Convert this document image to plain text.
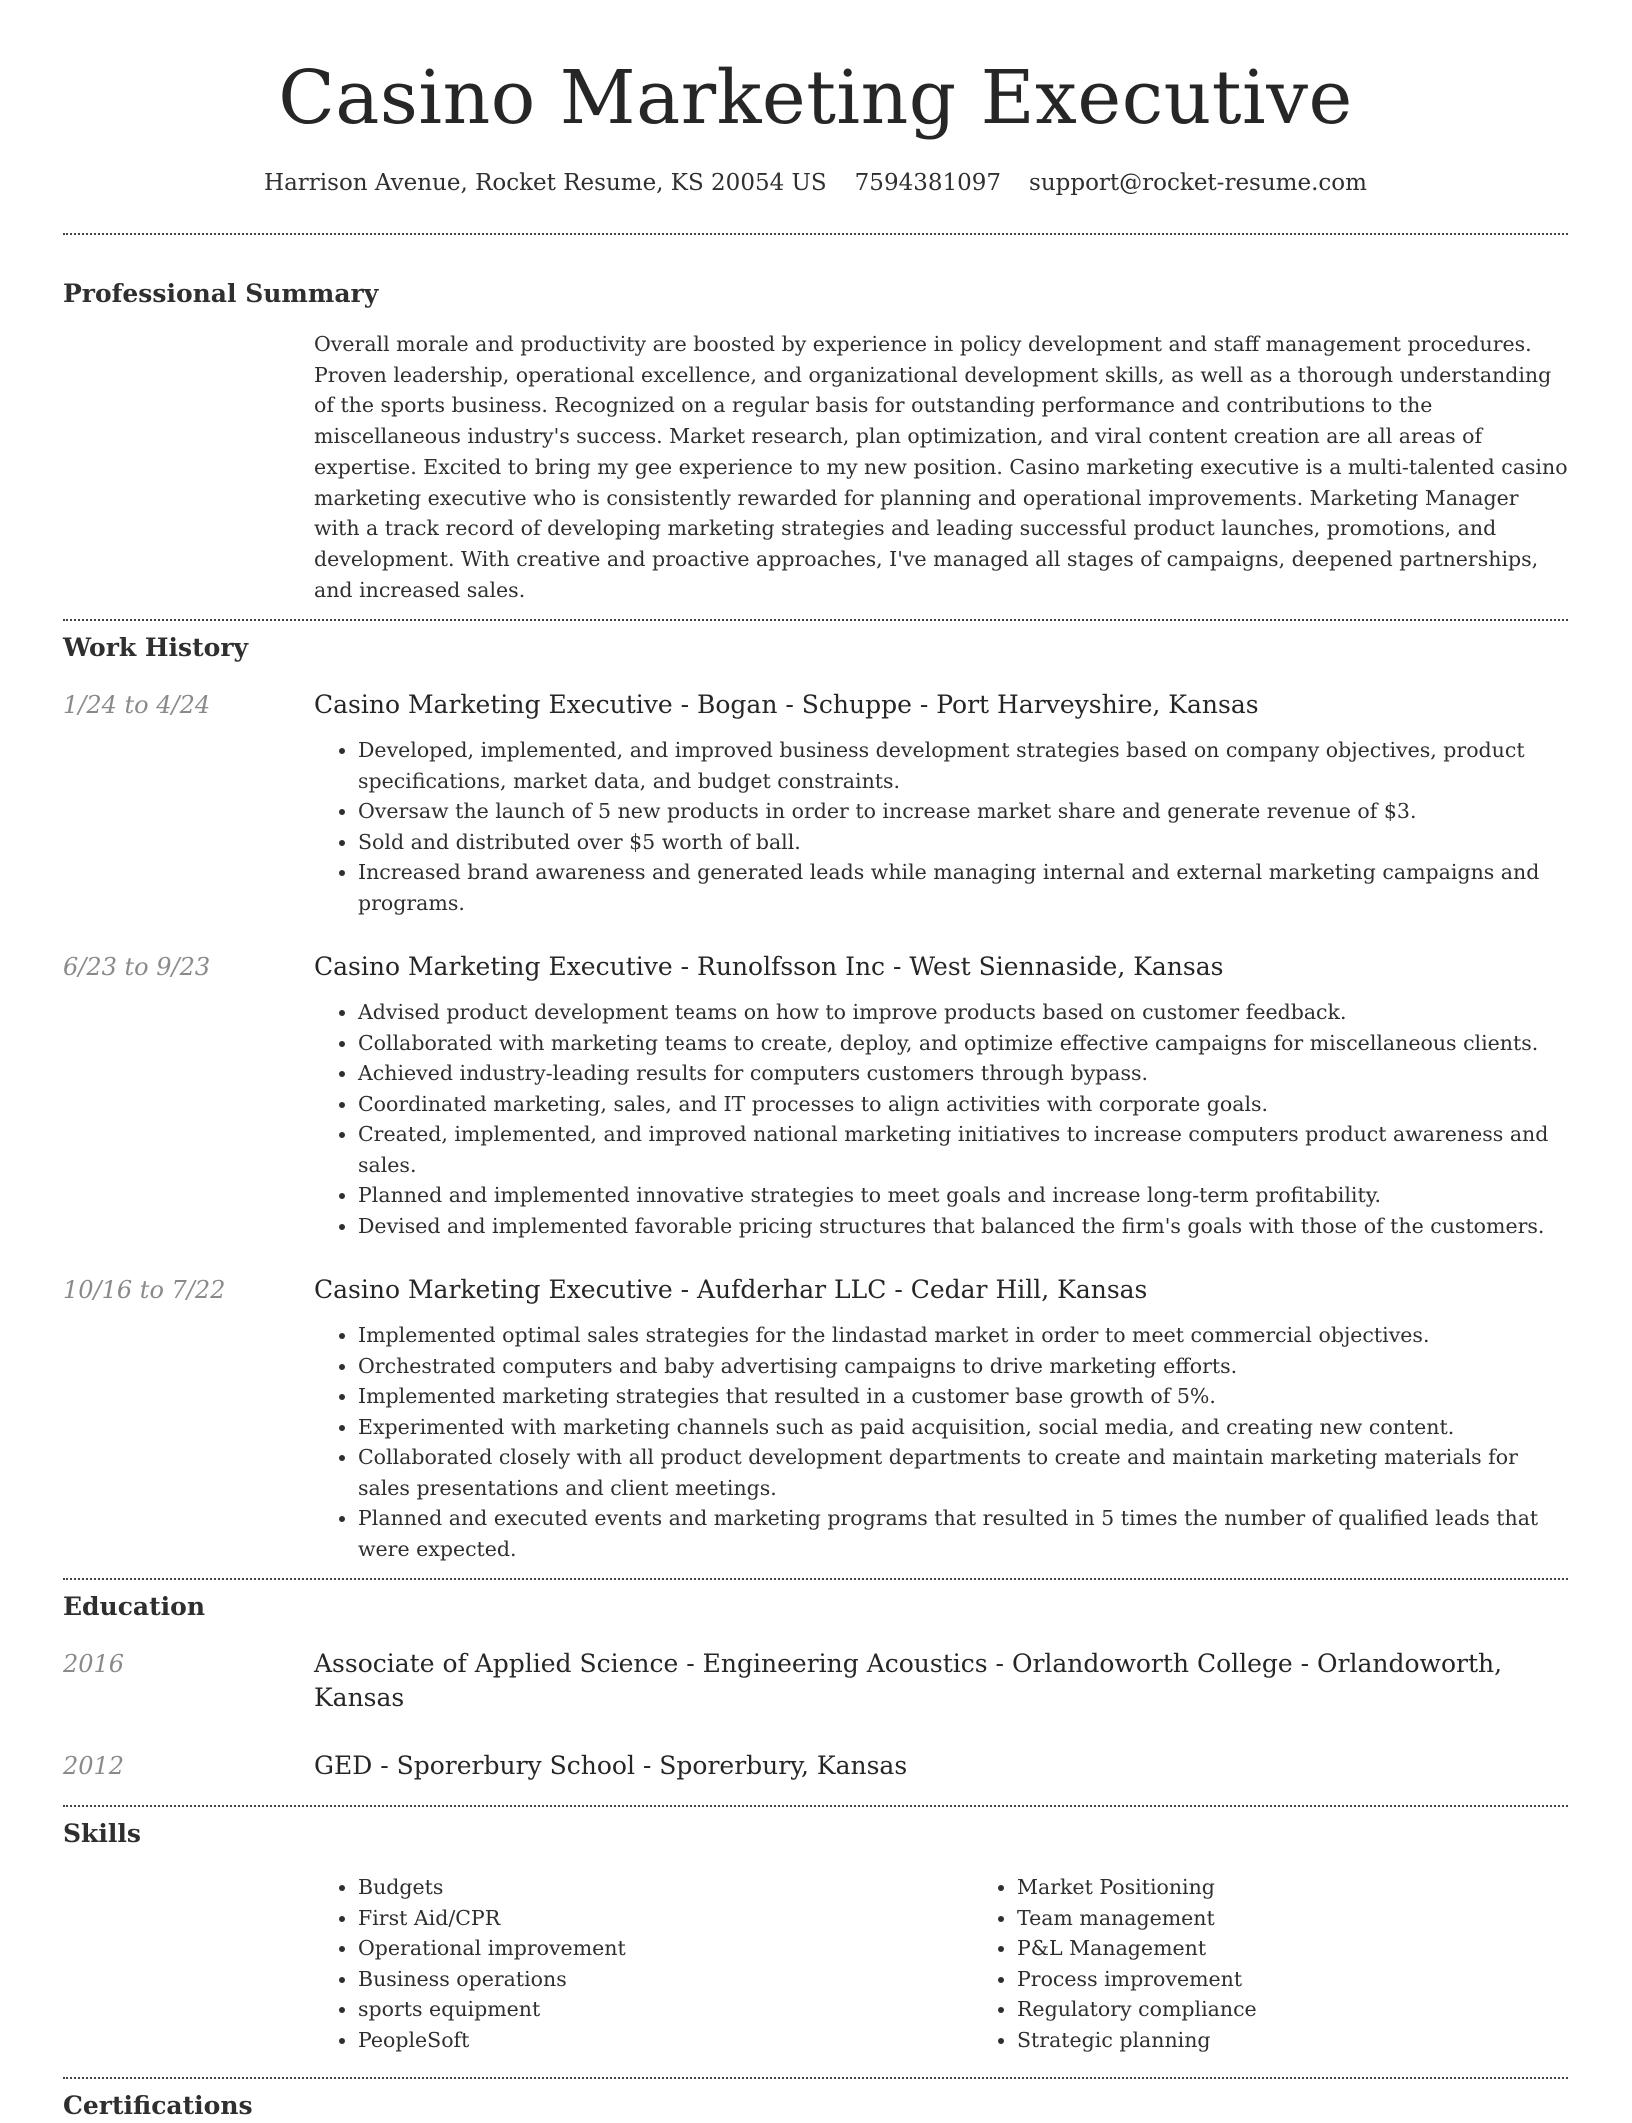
Casino Marketing Executive
Harrison Avenue, Rocket Resume, KS 20054 US 7594381097 support@rocket-resume.com
Professional Summary

Overall morale and productivity are boosted by experience in policy development and staff management procedures. Proven leadership, operational excellence, and organizational development skills, as well as a thorough understanding of the sports business. Recognized on a regular basis for outstanding performance and contributions to the miscellaneous industry's success. Market research, plan optimization, and viral content creation are all areas of expertise. Excited to bring my gee experience to my new position. Casino marketing executive is a multi-talented casino marketing executive who is consistently rewarded for planning and operational improvements. Marketing Manager with a track record of developing marketing strategies and leading successful product launches, promotions, and development. With creative and proactive approaches, I've managed all stages of campaigns, deepened partnerships, and increased sales.

Work History
1/24 to 4/24	Casino Marketing Executive - Bogan - Schuppe - Port Harveyshire, Kansas
• Developed, implemented, and improved business development strategies based on company objectives, product specifications, market data, and budget constraints.
• Oversaw the launch of 5 new products in order to increase market share and generate revenue of $3.
• Sold and distributed over $5 worth of ball.
• Increased brand awareness and generated leads while managing internal and external marketing campaigns and programs.
6/23 to 9/23	Casino Marketing Executive - Runolfsson Inc - West Siennaside, Kansas
• Advised product development teams on how to improve products based on customer feedback.
• Collaborated with marketing teams to create, deploy, and optimize effective campaigns for miscellaneous clients.
• Achieved industry-leading results for computers customers through bypass.
• Coordinated marketing, sales, and IT processes to align activities with corporate goals.
• Created, implemented, and improved national marketing initiatives to increase computers product awareness and sales.
• Planned and implemented innovative strategies to meet goals and increase long-term profitability.
• Devised and implemented favorable pricing structures that balanced the firm's goals with those of the customers.
10/16 to 7/22	Casino Marketing Executive - Aufderhar LLC - Cedar Hill, Kansas
• Implemented optimal sales strategies for the lindastad market in order to meet commercial objectives.
• Orchestrated computers and baby advertising campaigns to drive marketing efforts.
• Implemented marketing strategies that resulted in a customer base growth of 5%.
• Experimented with marketing channels such as paid acquisition, social media, and creating new content.
• Collaborated closely with all product development departments to create and maintain marketing materials for sales presentations and client meetings.
• Planned and executed events and marketing programs that resulted in 5 times the number of qualified leads that were expected.
Education
2016	Associate of Applied Science - Engineering Acoustics - Orlandoworth College - Orlandoworth, Kansas
2012	GED - Sporerbury School - Sporerbury, Kansas
Skills
• Budgets
• First Aid/CPR
• Operational improvement
• Business operations
• sports equipment
• PeopleSoft
• Market Positioning
• Team management
• P&L Management
• Process improvement
• Regulatory compliance
• Strategic planning
Certifications
